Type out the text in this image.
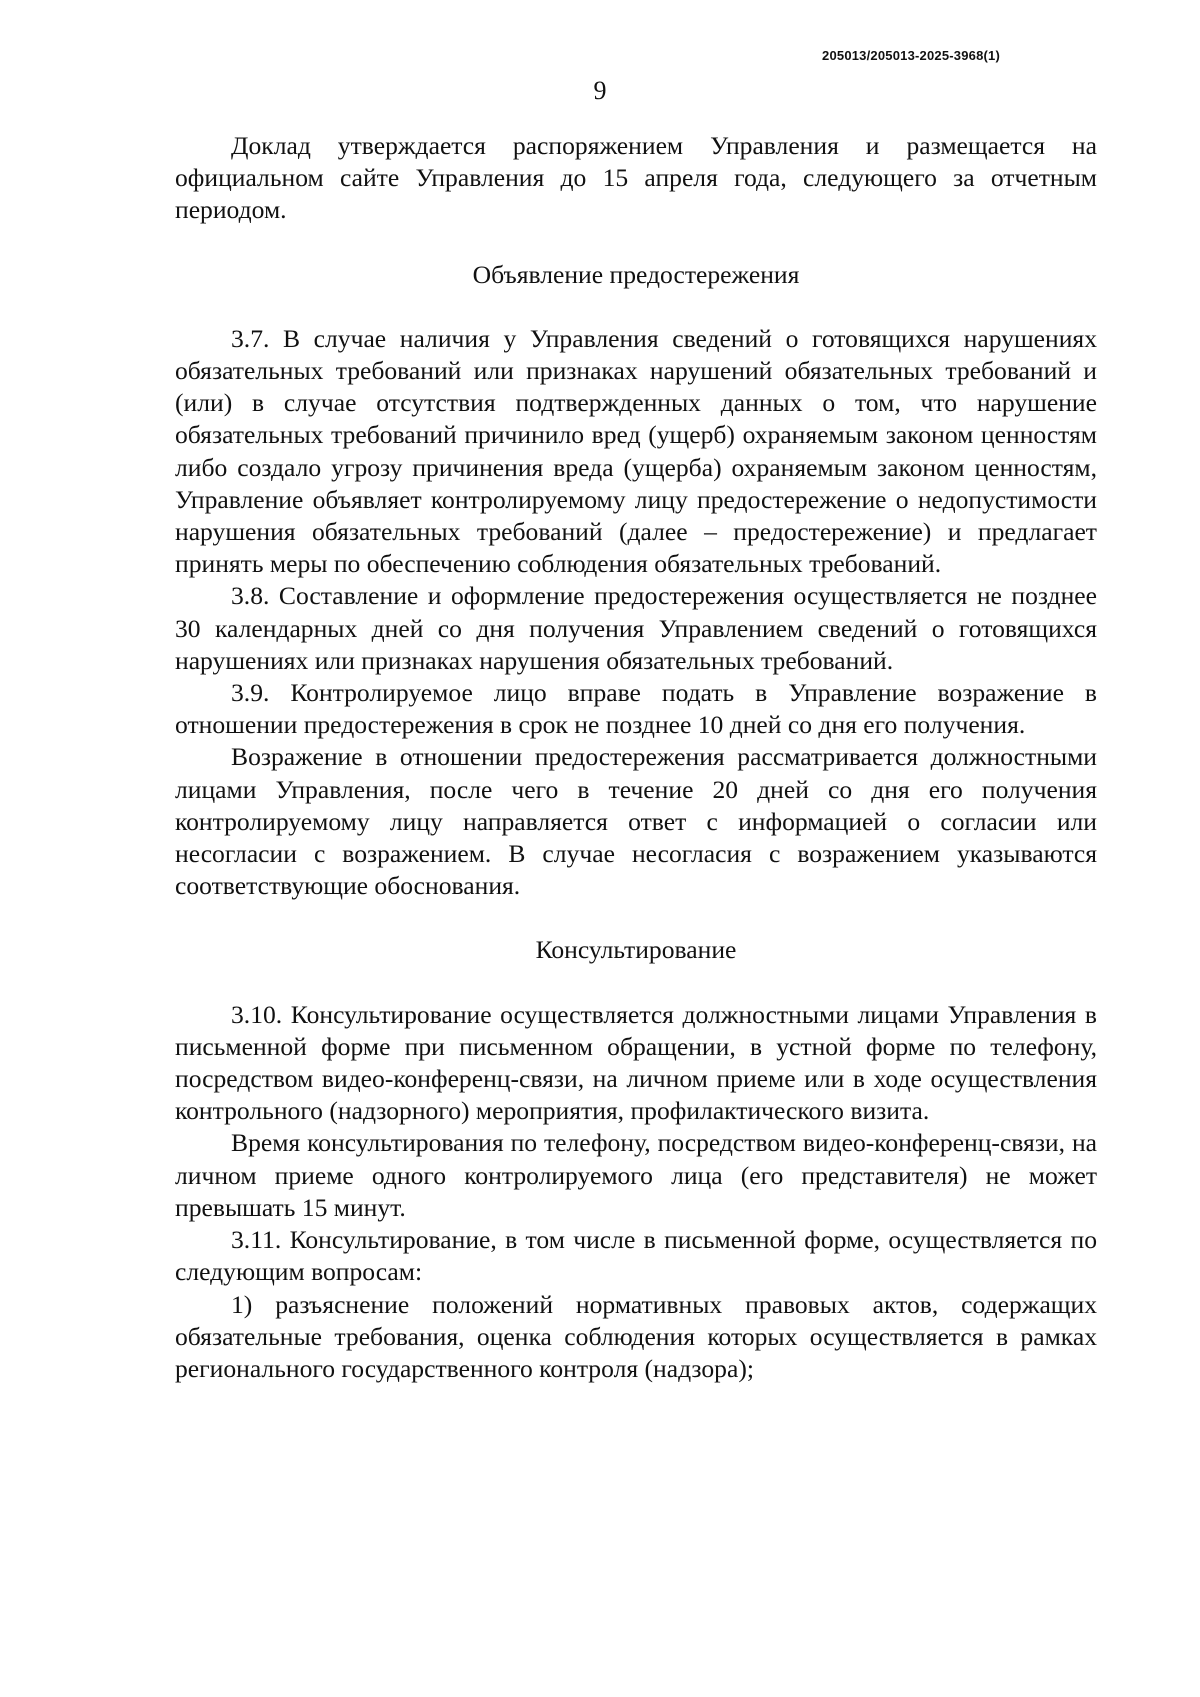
205013/205013-2025-3968(1)
9

Доклад утверждается распоряжением Управления и размещается на официальном сайте Управления до 15 апреля года, следующего за отчетным периодом.

Объявление предостережения

3.7. В случае наличия у Управления сведений о готовящихся нарушениях обязательных требований или признаках нарушений обязательных требований и (или) в случае отсутствия подтвержденных данных о том, что нарушение обязательных требований причинило вред (ущерб) охраняемым законом ценностям либо создало угрозу причинения вреда (ущерба) охраняемым законом ценностям, Управление объявляет контролируемому лицу предостережение о недопустимости нарушения обязательных требований (далее – предостережение) и предлагает принять меры по обеспечению соблюдения обязательных требований.

3.8. Составление и оформление предостережения осуществляется не позднее 30 календарных дней со дня получения Управлением сведений о готовящихся нарушениях или признаках нарушения обязательных требований.

3.9. Контролируемое лицо вправе подать в Управление возражение в отношении предостережения в срок не позднее 10 дней со дня его получения.

Возражение в отношении предостережения рассматривается должностными лицами Управления, после чего в течение 20 дней со дня его получения контролируемому лицу направляется ответ с информацией о согласии или несогласии с возражением. В случае несогласия с возражением указываются соответствующие обоснования.

Консультирование

3.10. Консультирование осуществляется должностными лицами Управления в письменной форме при письменном обращении, в устной форме по телефону, посредством видео-конференц-связи, на личном приеме или в ходе осуществления контрольного (надзорного) мероприятия, профилактического визита.

Время консультирования по телефону, посредством видео-конференц-связи, на личном приеме одного контролируемого лица (его представителя) не может превышать 15 минут.

3.11. Консультирование, в том числе в письменной форме, осуществляется по следующим вопросам:

1) разъяснение положений нормативных правовых актов, содержащих обязательные требования, оценка соблюдения которых осуществляется в рамках регионального государственного контроля (надзора);
